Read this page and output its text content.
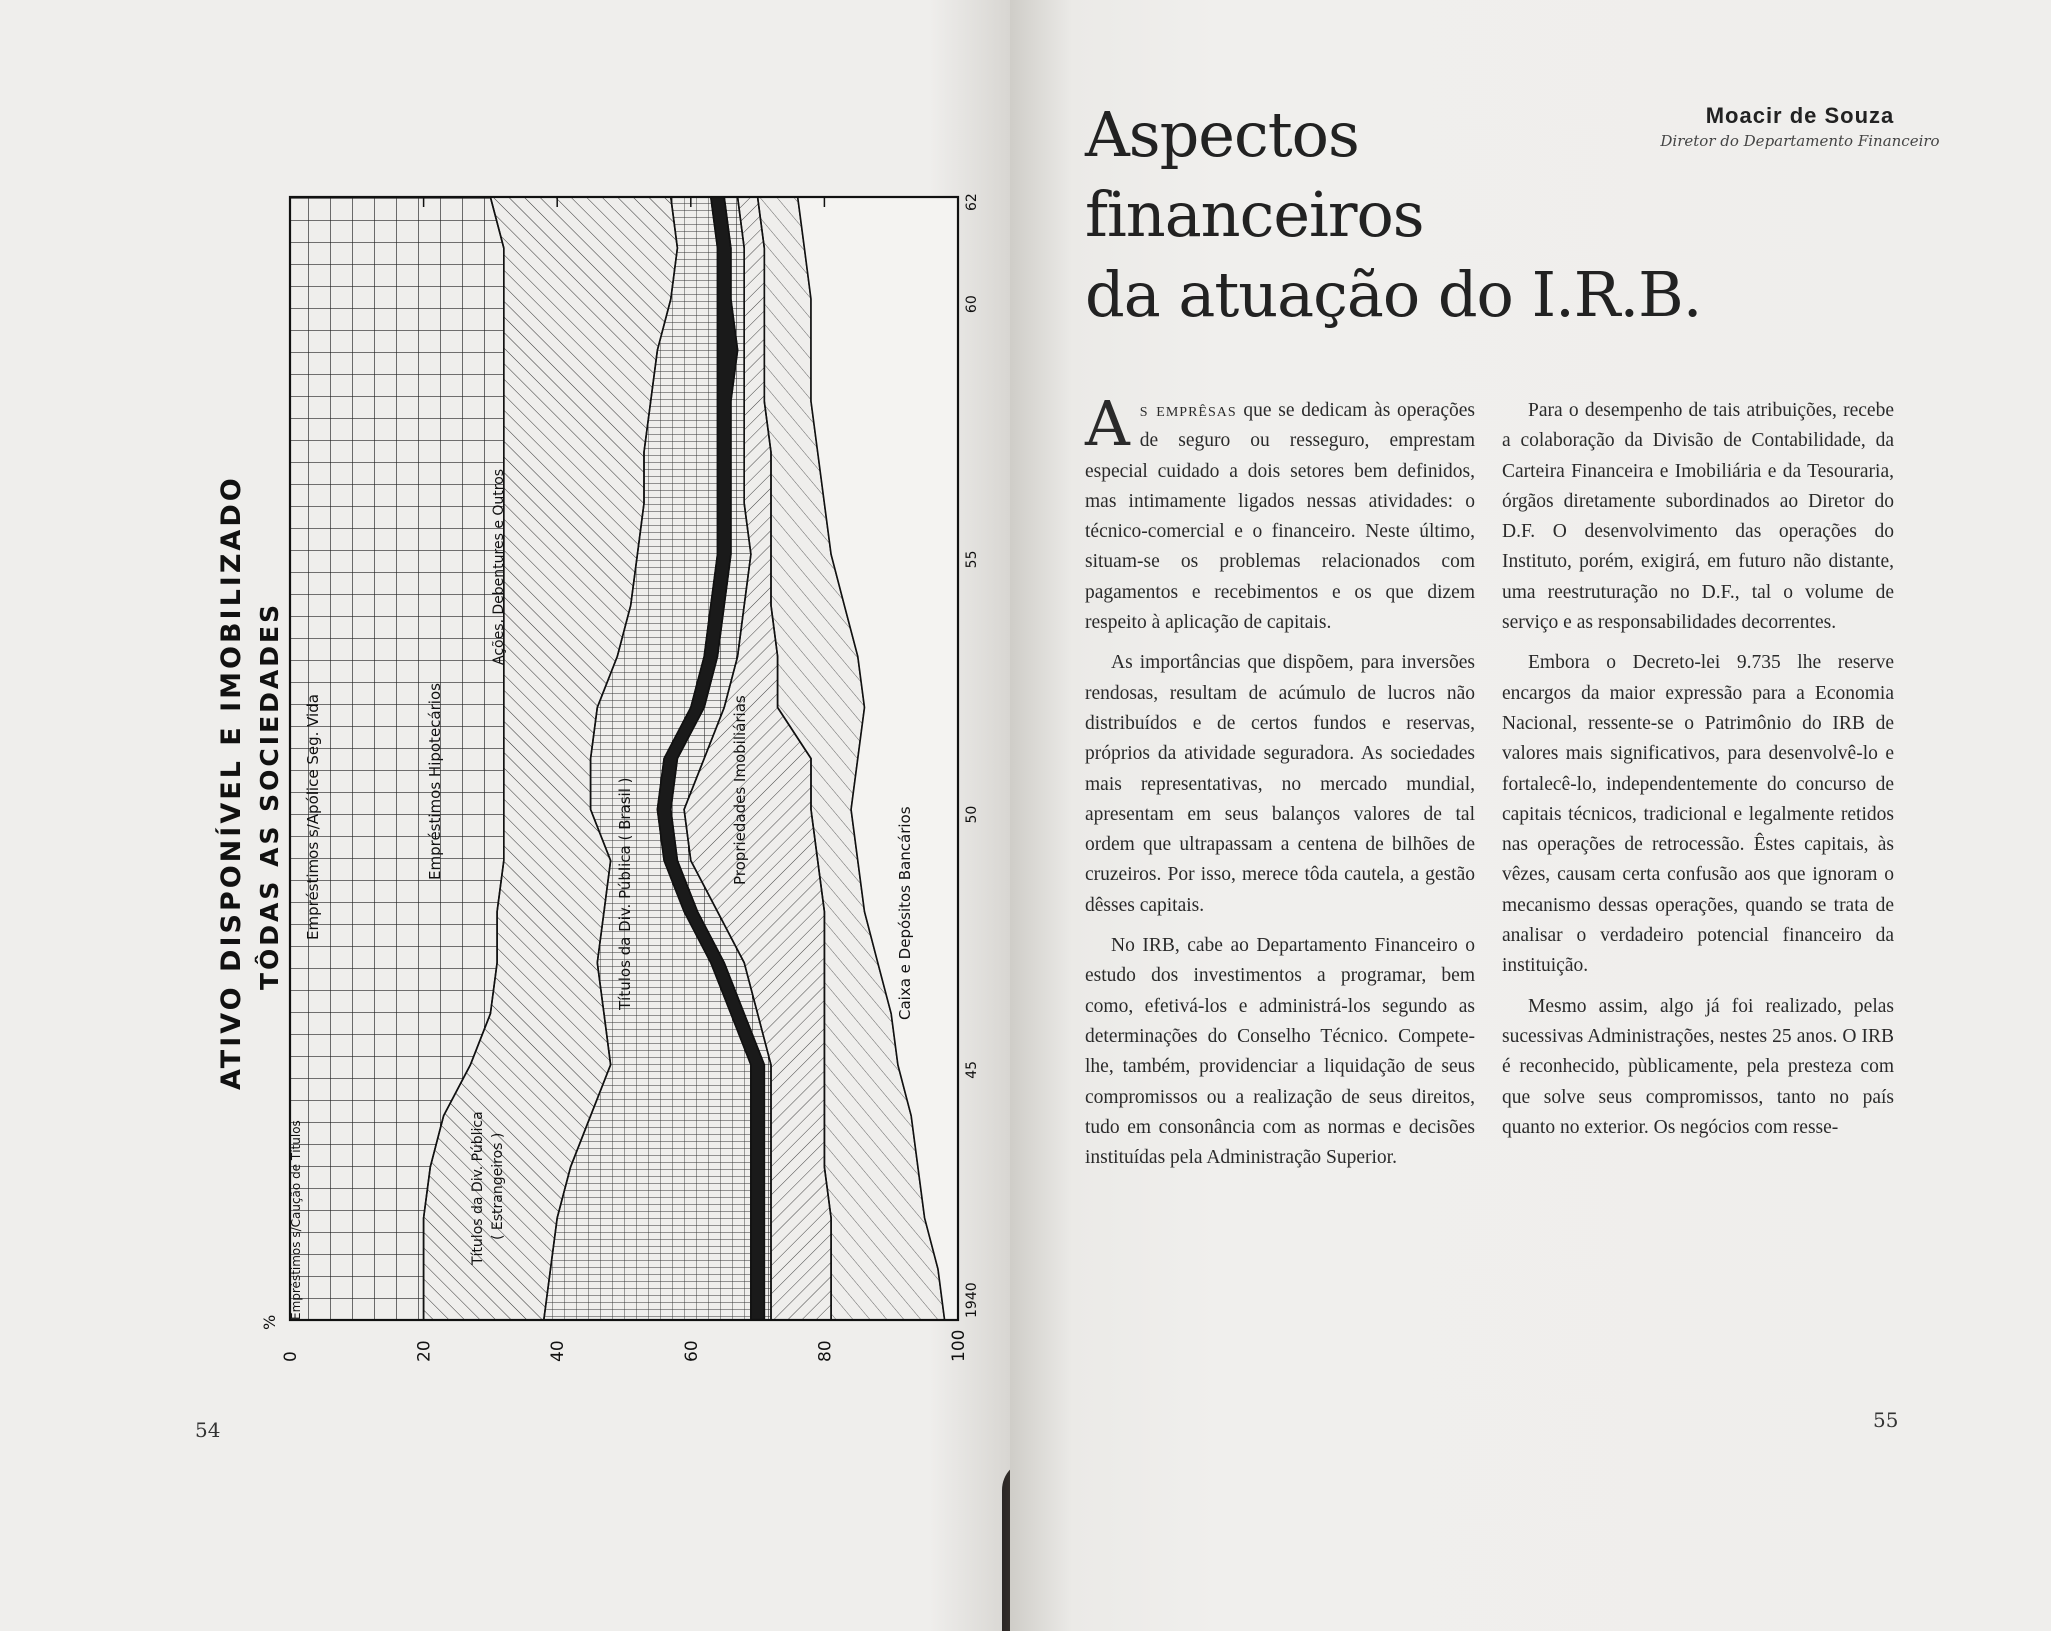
100
80
60
40
20
0
1940
45
50
55
60
62
ATIVO DISPONÍVEL E IMOBILIZADO TÔDAS AS SOCIEDADES
Empréstimos s/Caução de Títulos
Empréstimos s/Apólice Seg. Vida	Empréstimos Hipotecários
Ações, Debentures e Outros
Títulos da Div. Pública ( Estrangeiros )
Títulos da Div. Pública ( Brasil )	Propriedades Imobiliárias
Caixa e Depósitos Bancários
%
54
Aspectos
financeiros
da atuação do I.R.B.
Moacir de Souza
Diretor do Departamento Financeiro

As emprêsas que se dedicam às operações de seguro ou resseguro, emprestam especial cuidado a dois setores bem definidos, mas intimamente ligados nessas atividades: o técnico-comercial e o financeiro. Neste último, situam-se os problemas relacionados com pagamentos e recebimentos e os que dizem respeito à aplicação de capitais.

As importâncias que dispõem, para inversões rendosas, resultam de acúmulo de lucros não distribuídos e de certos fundos e reservas, próprios da atividade seguradora. As sociedades mais representativas, no mercado mundial, apresentam em seus balanços valores de tal ordem que ultrapassam a centena de bilhões de cruzeiros. Por isso, merece tôda cautela, a gestão dêsses capitais.

No IRB, cabe ao Departamento Financeiro o estudo dos investimentos a programar, bem como, efetivá-los e administrá-los segundo as determinações do Conselho Técnico. Compete-lhe, também, providenciar a liquidação de seus compromissos ou a realização de seus direitos, tudo em consonância com as normas e decisões instituídas pela Administração Superior.

Para o desempenho de tais atribuições, recebe a colaboração da Divisão de Contabilidade, da Carteira Financeira e Imobiliária e da Tesouraria, órgãos diretamente subordinados ao Diretor do D.F. O desenvolvimento das operações do Instituto, porém, exigirá, em futuro não distante, uma reestruturação no D.F., tal o volume de serviço e as responsabilidades decorrentes.

Embora o Decreto-lei 9.735 lhe reserve encargos da maior expressão para a Economia Nacional, ressente-se o Patrimônio do IRB de valores mais significativos, para desenvolvê-lo e fortalecê-lo, independentemente do concurso de capitais técnicos, tradicional e legalmente retidos nas operações de retrocessão. Êstes capitais, às vêzes, causam certa confusão aos que ignoram o mecanismo dessas operações, quando se trata de analisar o verdadeiro potencial financeiro da instituição.

Mesmo assim, algo já foi realizado, pelas sucessivas Administrações, nestes 25 anos. O IRB é reconhecido, pùblicamente, pela presteza com que solve seus compromissos, tanto no país quanto no exterior. Os negócios com resse-

55
